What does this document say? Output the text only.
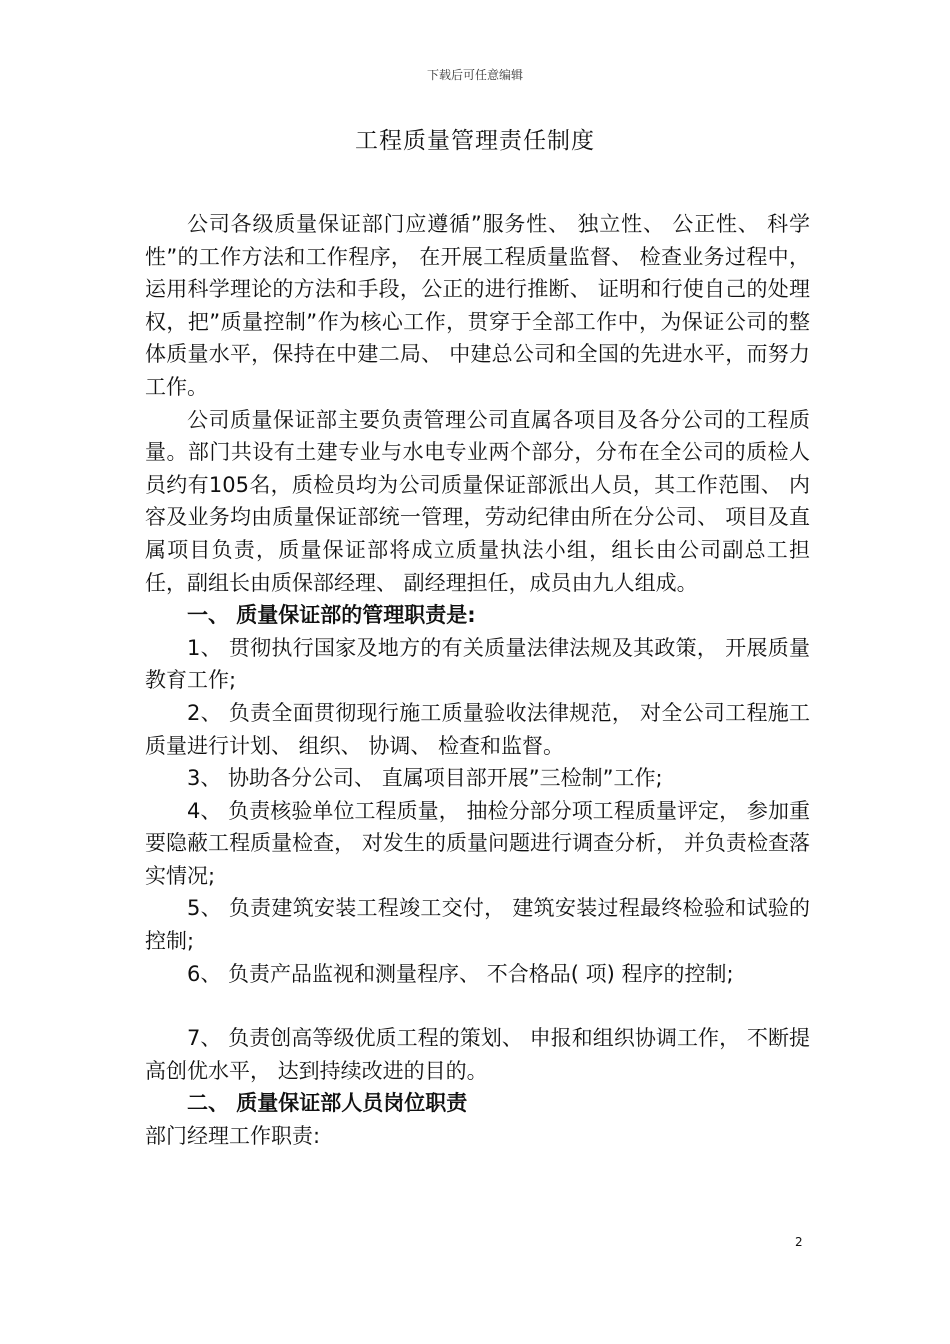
下载后可任意编辑
工程质量管理责任制度

公司各级质量保证部门应遵循”服务性、 独立性、 公正性、 科学性”的工作方法和工作程序， 在开展工程质量监督、 检查业务过程中，运用科学理论的方法和手段，公正的进行推断、 证明和行使自己的处理权，把”质量控制”作为核心工作，贯穿于全部工作中，为保证公司的整体质量水平，保持在中建二局、 中建总公司和全国的先进水平，而努力工作。

公司质量保证部主要负责管理公司直属各项目及各分公司的工程质量。部门共设有土建专业与水电专业两个部分，分布在全公司的质检人员约有105名，质检员均为公司质量保证部派出人员，其工作范围、 内容及业务均由质量保证部统一管理，劳动纪律由所在分公司、 项目及直属项目负责，质量保证部将成立质量执法小组，组长由公司副总工担任，副组长由质保部经理、 副经理担任，成员由九人组成。

一、 质量保证部的管理职责是:

1、 贯彻执行国家及地方的有关质量法律法规及其政策， 开展质量教育工作;

2、 负责全面贯彻现行施工质量验收法律规范， 对全公司工程施工质量进行计划、 组织、 协调、 检查和监督。

3、 协助各分公司、 直属项目部开展”三检制”工作;

4、 负责核验单位工程质量， 抽检分部分项工程质量评定， 参加重要隐蔽工程质量检查， 对发生的质量问题进行调查分析， 并负责检查落实情况;

5、 负责建筑安装工程竣工交付， 建筑安装过程最终检验和试验的控制;

6、 负责产品监视和测量程序、 不合格品( 项) 程序的控制;

7、 负责创高等级优质工程的策划、 申报和组织协调工作， 不断提高创优水平， 达到持续改进的目的。

二、 质量保证部人员岗位职责

部门经理工作职责:

2
